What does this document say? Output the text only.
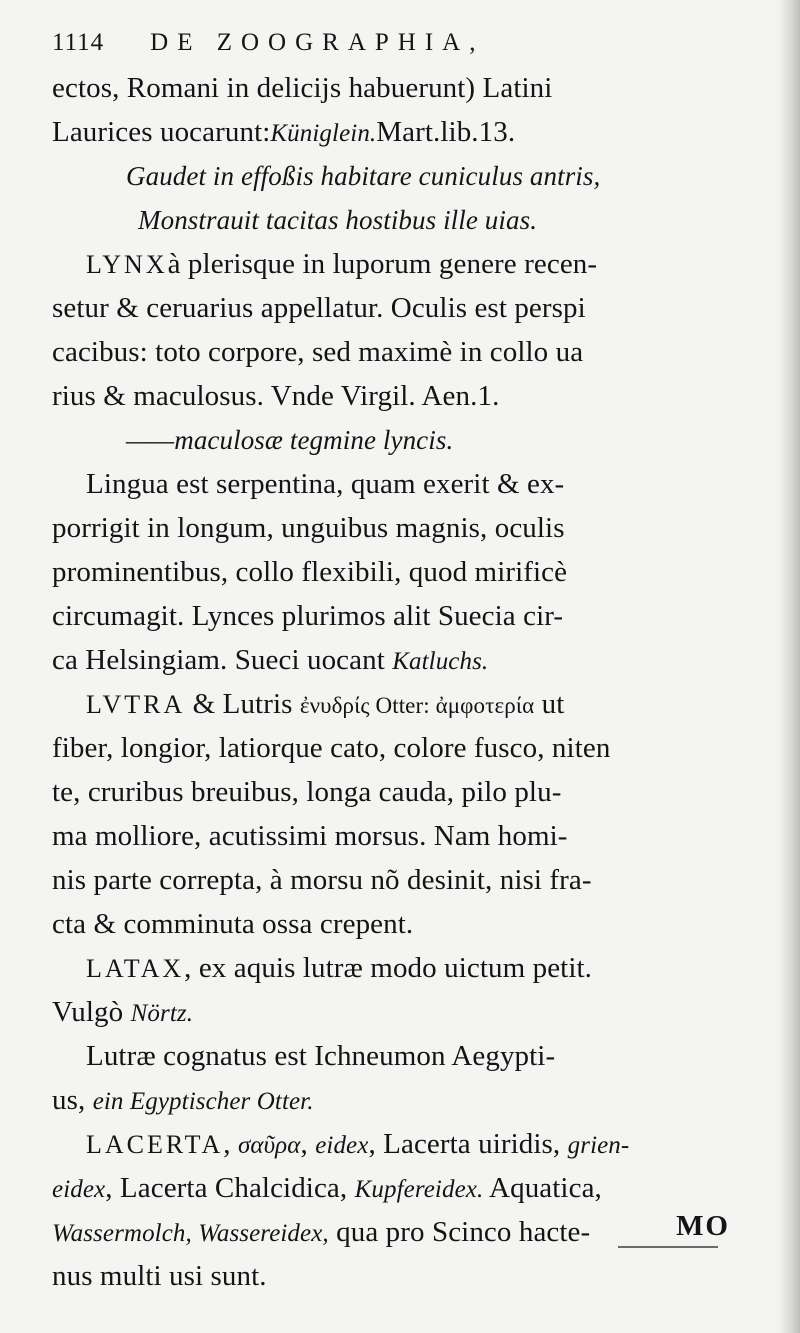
1114 DE ZOOGRAPHIA,
ectos, Romani in delicijs habuerunt) Latini
Laurices uocarunt:Küniglein.Mart.lib.13.
Gaudet in effoßis habitare cuniculus antris,
Monstrauit tacitas hostibus ille uias.
LYNXà plerisque in luporum genere recen-
setur & ceruarius appellatur. Oculis est perspi
cacibus: toto corpore, sed maximè in collo ua
rius & maculosus. Vnde Virgil. Aen.1.
——maculosæ tegmine lyncis.
Lingua est serpentina, quam exerit & ex-
porrigit in longum, unguibus magnis, oculis
prominentibus, collo flexibili, quod mirificè
circumagit. Lynces plurimos alit Suecia cir-
ca Helsingiam. Sueci uocant Katluchs.
LVTRA & Lutris ἐνυδρίς Otter: ἀμφοτερία ut
fiber, longior, latiorque cato, colore fusco, niten
te, cruribus breuibus, longa cauda, pilo plu-
ma molliore, acutissimi morsus. Nam homi-
nis parte correpta, à morsu nõ desinit, nisi fra-
cta & comminuta ossa crepent.
LATAX, ex aquis lutræ modo uictum petit.
Vulgò Nörtz.
Lutræ cognatus est Ichneumon Aegypti-
us, ein Egyptischer Otter.
LACERTA, σαῦρα, eidex, Lacerta uiridis, grien-
eidex, Lacerta Chalcidica, Kupfereidex. Aquatica,
Wassermolch, Wassereidex, qua pro Scinco hacte-
nus multi usi sunt.
MO
